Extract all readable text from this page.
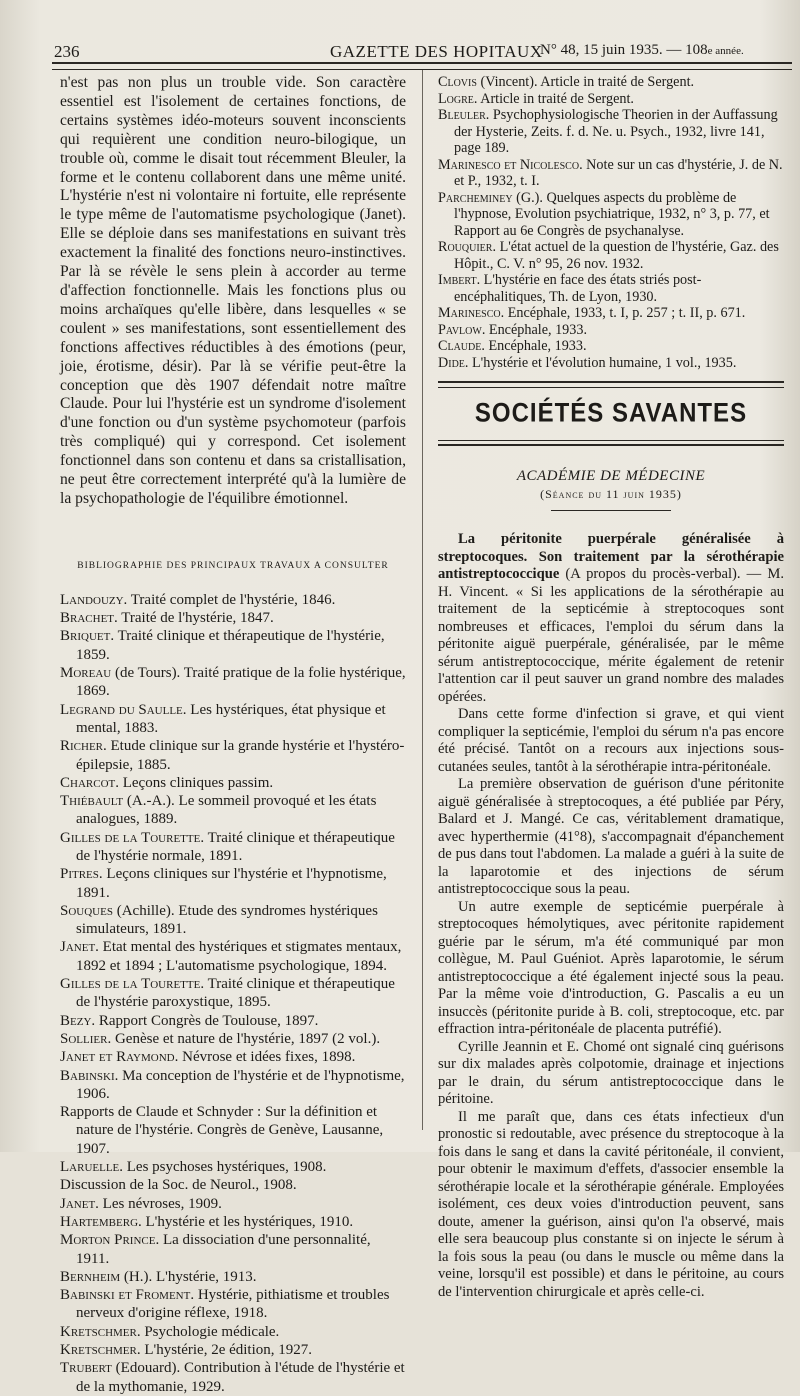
236	GAZETTE DES HOPITAUX
N° 48, 15 juin 1935. — 108e année.

n'est pas non plus un trouble vide. Son caractère essentiel est l'isolement de certaines fonctions, de certains systèmes idéo-moteurs souvent inconscients qui requièrent une condition neuro-bilogique, un trouble où, comme le disait tout récemment Bleuler, la forme et le contenu collaborent dans une même unité. L'hystérie n'est ni volontaire ni fortuite, elle représente le type même de l'automatisme psychologique (Janet). Elle se déploie dans ses manifestations en suivant très exactement la finalité des fonctions neuro-instinctives. Par là se révèle le sens plein à accorder au terme d'affection fonctionnelle. Mais les fonctions plus ou moins archaïques qu'elle libère, dans lesquelles « se coulent » ses manifestations, sont essentiellement des fonctions affectives réductibles à des émotions (peur, joie, érotisme, désir). Par là se vérifie peut-être la conception que dès 1907 défendait notre maître Claude. Pour lui l'hystérie est un syndrome d'isolement d'une fonction ou d'un système psychomoteur (parfois très compliqué) qui y correspond. Cet isolement fonctionnel dans son contenu et dans sa cristallisation, ne peut être correctement interprété qu'à la lumière de la psychopathologie de l'équilibre émotionnel.

BIBLIOGRAPHIE DES PRINCIPAUX TRAVAUX A CONSULTER

Landouzy. Traité complet de l'hystérie, 1846.

Brachet. Traité de l'hystérie, 1847.

Briquet. Traité clinique et thérapeutique de l'hystérie, 1859.

Moreau (de Tours). Traité pratique de la folie hystérique, 1869.

Legrand du Saulle. Les hystériques, état physique et mental, 1883.

Richer. Etude clinique sur la grande hystérie et l'hystéro-épilepsie, 1885.

Charcot. Leçons cliniques passim.

Thiébault (A.-A.). Le sommeil provoqué et les états analogues, 1889.

Gilles de la Tourette. Traité clinique et thérapeutique de l'hystérie normale, 1891.

Pitres. Leçons cliniques sur l'hystérie et l'hypnotisme, 1891.

Souques (Achille). Etude des syndromes hystériques simulateurs, 1891.

Janet. Etat mental des hystériques et stigmates mentaux, 1892 et 1894 ; L'automatisme psychologique, 1894.

Gilles de la Tourette. Traité clinique et thérapeutique de l'hystérie paroxystique, 1895.

Bezy. Rapport Congrès de Toulouse, 1897.

Sollier. Genèse et nature de l'hystérie, 1897 (2 vol.).

Janet et Raymond. Névrose et idées fixes, 1898.

Babinski. Ma conception de l'hystérie et de l'hypnotisme, 1906.

Rapports de Claude et Schnyder : Sur la définition et nature de l'hystérie. Congrès de Genève, Lausanne, 1907.

Laruelle. Les psychoses hystériques, 1908.

Discussion de la Soc. de Neurol., 1908.

Janet. Les névroses, 1909.

Hartemberg. L'hystérie et les hystériques, 1910.

Morton Prince. La dissociation d'une personnalité, 1911.

Bernheim (H.). L'hystérie, 1913.

Babinski et Froment. Hystérie, pithiatisme et troubles nerveux d'origine réflexe, 1918.

Kretschmer. Psychologie médicale.

Kretschmer. L'hystérie, 2e édition, 1927.

Trubert (Edouard). Contribution à l'étude de l'hystérie et de la mythomanie, 1929.

Clovis (Vincent). Article in traité de Sergent.

Logre. Article in traité de Sergent.

Bleuler. Psychophysiologische Theorien in der Auffassung der Hysterie, Zeits. f. d. Ne. u. Psych., 1932, livre 141, page 189.

Marinesco et Nicolesco. Note sur un cas d'hystérie, J. de N. et P., 1932, t. I.

Parcheminey (G.). Quelques aspects du problème de l'hypnose, Evolution psychiatrique, 1932, n° 3, p. 77, et Rapport au 6e Congrès de psychanalyse.

Rouquier. L'état actuel de la question de l'hystérie, Gaz. des Hôpit., C. V. n° 95, 26 nov. 1932.

Imbert. L'hystérie en face des états striés post-encéphalitiques, Th. de Lyon, 1930.

Marinesco. Encéphale, 1933, t. I, p. 257 ; t. II, p. 671.

Pavlow. Encéphale, 1933.

Claude. Encéphale, 1933.

Dide. L'hystérie et l'évolution humaine, 1 vol., 1935.

SOCIÉTÉS SAVANTES
ACADÉMIE DE MÉDECINE
(Séance du 11 juin 1935)

La péritonite puerpérale généralisée à streptocoques. Son traitement par la sérothérapie antistreptococcique (A propos du procès-verbal). — M. H. Vincent. « Si les applications de la sérothérapie au traitement de la septicémie à streptocoques sont nombreuses et efficaces, l'emploi du sérum dans la péritonite aiguë puerpérale, généralisée, par le même sérum antistreptococcique, mérite également de retenir l'attention car il peut sauver un grand nombre des malades opérées.

Dans cette forme d'infection si grave, et qui vient compliquer la septicémie, l'emploi du sérum n'a pas encore été précisé. Tantôt on a recours aux injections sous-cutanées seules, tantôt à la sérothérapie intra-péritonéale.

La première observation de guérison d'une péritonite aiguë généralisée à streptocoques, a été publiée par Péry, Balard et J. Mangé. Ce cas, véritablement dramatique, avec hyperthermie (41°8), s'accompagnait d'épanchement de pus dans tout l'abdomen. La malade a guéri à la suite de la laparotomie et des injections de sérum antistreptococcique sous la peau.

Un autre exemple de septicémie puerpérale à streptocoques hémolytiques, avec péritonite rapidement guérie par le sérum, m'a été communiqué par mon collègue, M. Paul Guéniot. Après laparotomie, le sérum antistreptococcique a été également injecté sous la peau. Par la même voie d'introduction, G. Pascalis a eu un insuccès (péritonite puride à B. coli, streptocoque, etc. par effraction intra-péritonéale de placenta putréfié).

Cyrille Jeannin et E. Chomé ont signalé cinq guérisons sur dix malades après colpotomie, drainage et injections par le drain, du sérum antistreptococcique dans le péritoine.

Il me paraît que, dans ces états infectieux d'un pronostic si redoutable, avec présence du streptocoque à la fois dans le sang et dans la cavité péritonéale, il convient, pour obtenir le maximum d'effets, d'associer ensemble la sérothérapie locale et la sérothérapie générale. Employées isolément, ces deux voies d'introduction peuvent, sans doute, amener la guérison, ainsi qu'on l'a observé, mais elle sera beaucoup plus constante si on injecte le sérum à la fois sous la peau (ou dans le muscle ou même dans la veine, lorsqu'il est possible) et dans le péritoine, au cours de l'intervention chirurgicale et après celle-ci.
